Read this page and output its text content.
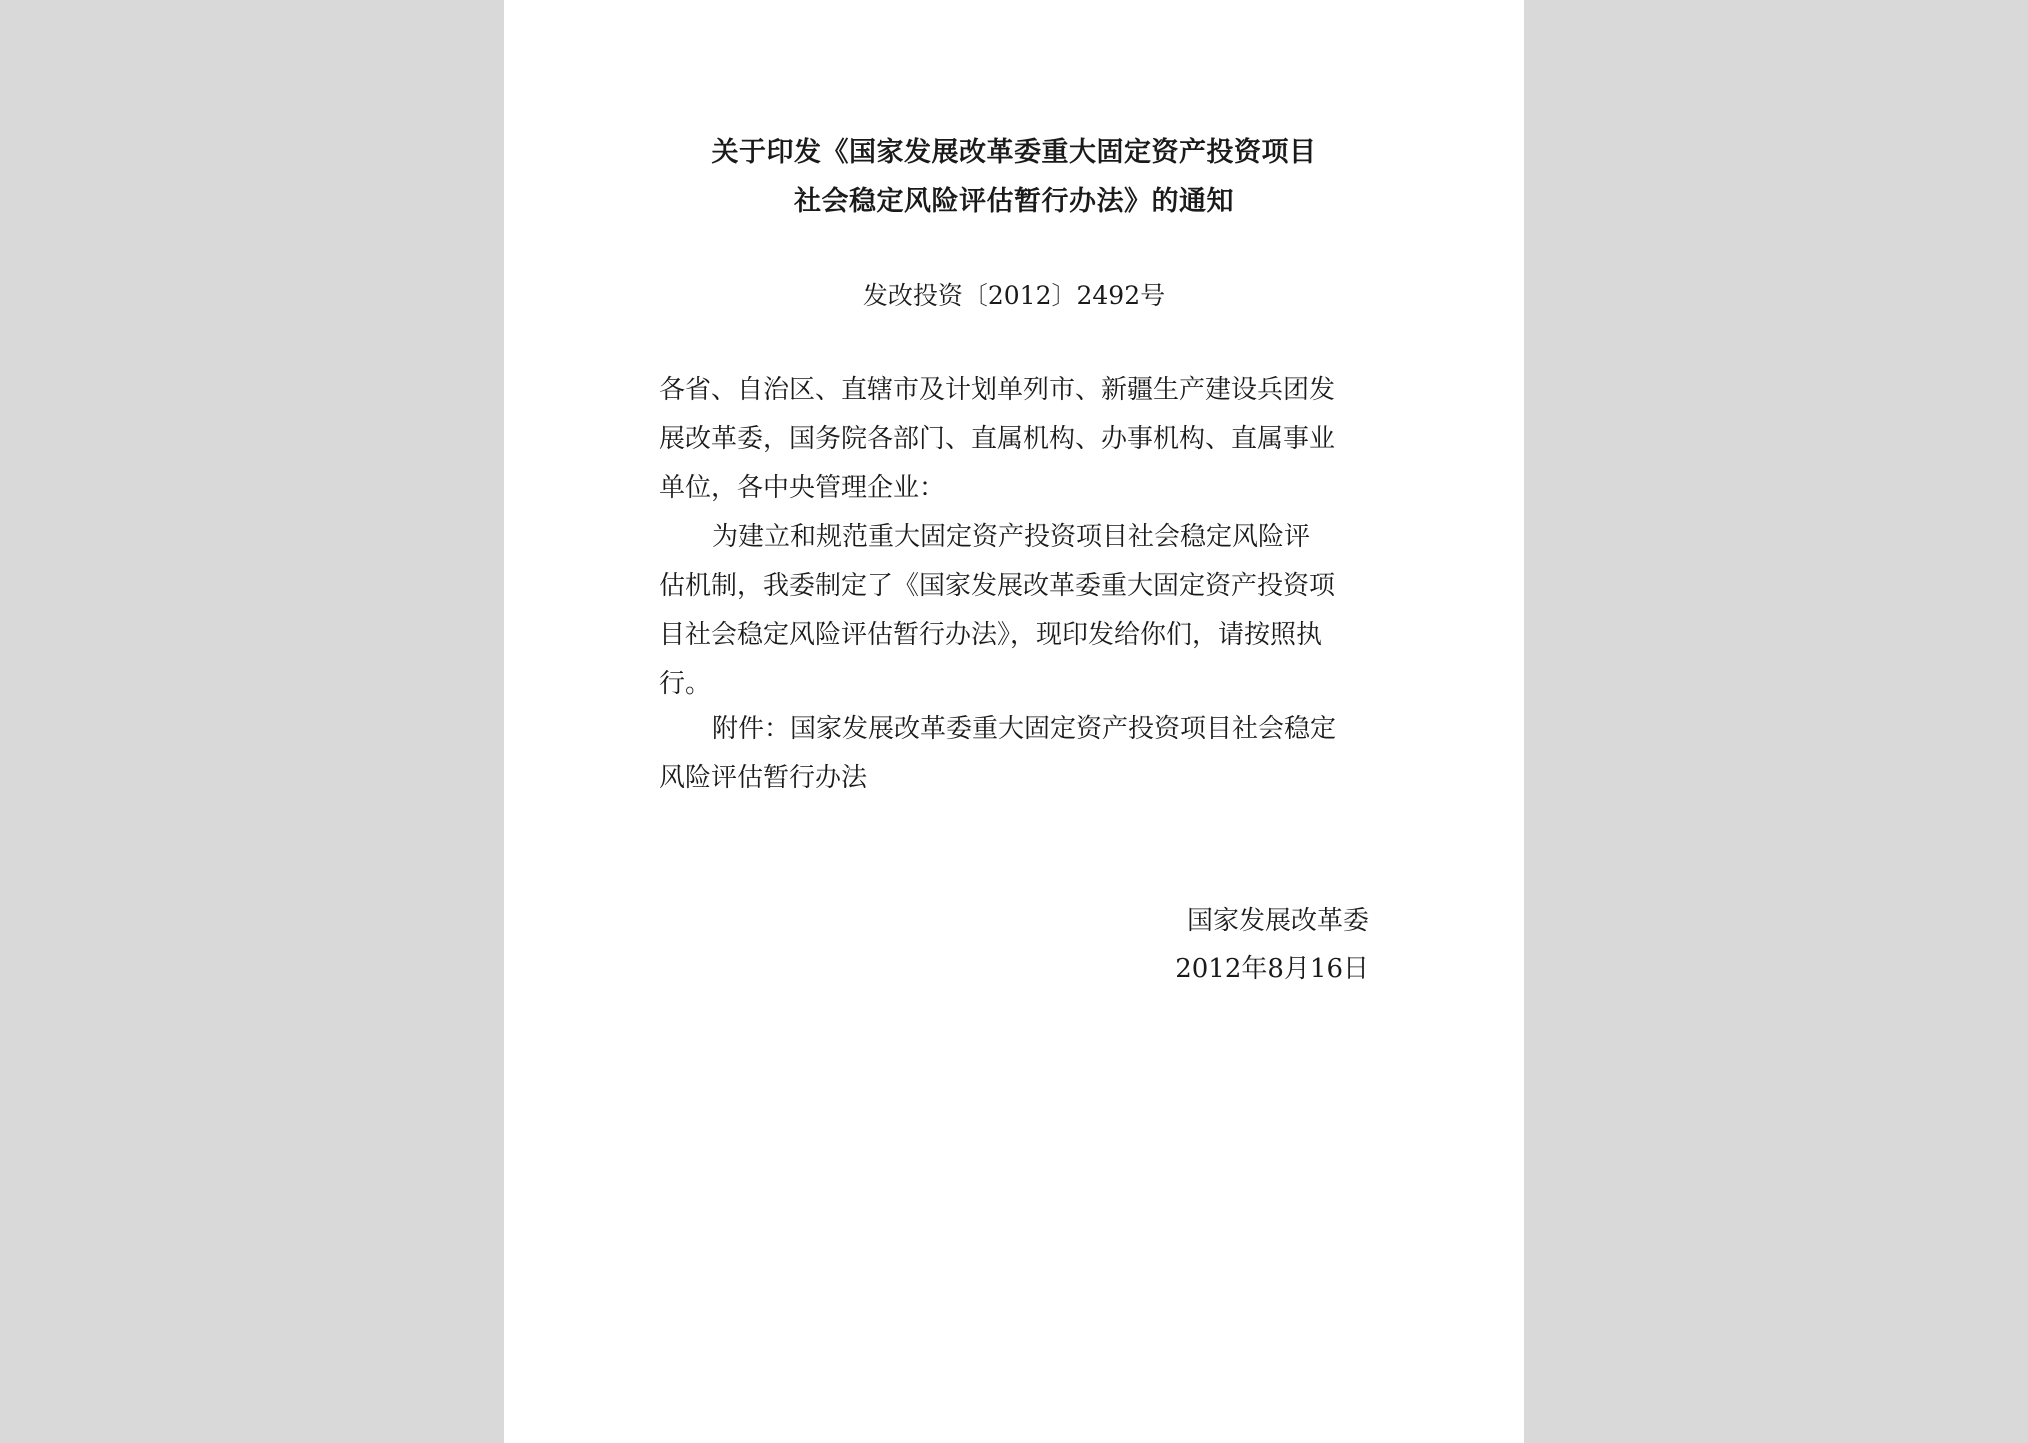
关于印发《国家发展改革委重大固定资产投资项目
社会稳定风险评估暂行办法》的通知
发改投资〔2012〕2492号
各省、自治区、直辖市及计划单列市、新疆生产建设兵团发
展改革委，国务院各部门、直属机构、办事机构、直属事业
单位，各中央管理企业：
为建立和规范重大固定资产投资项目社会稳定风险评
估机制，我委制定了《国家发展改革委重大固定资产投资项
目社会稳定风险评估暂行办法》，现印发给你们，请按照执
行。
附件：国家发展改革委重大固定资产投资项目社会稳定
风险评估暂行办法
国家发展改革委
2012年8月16日
